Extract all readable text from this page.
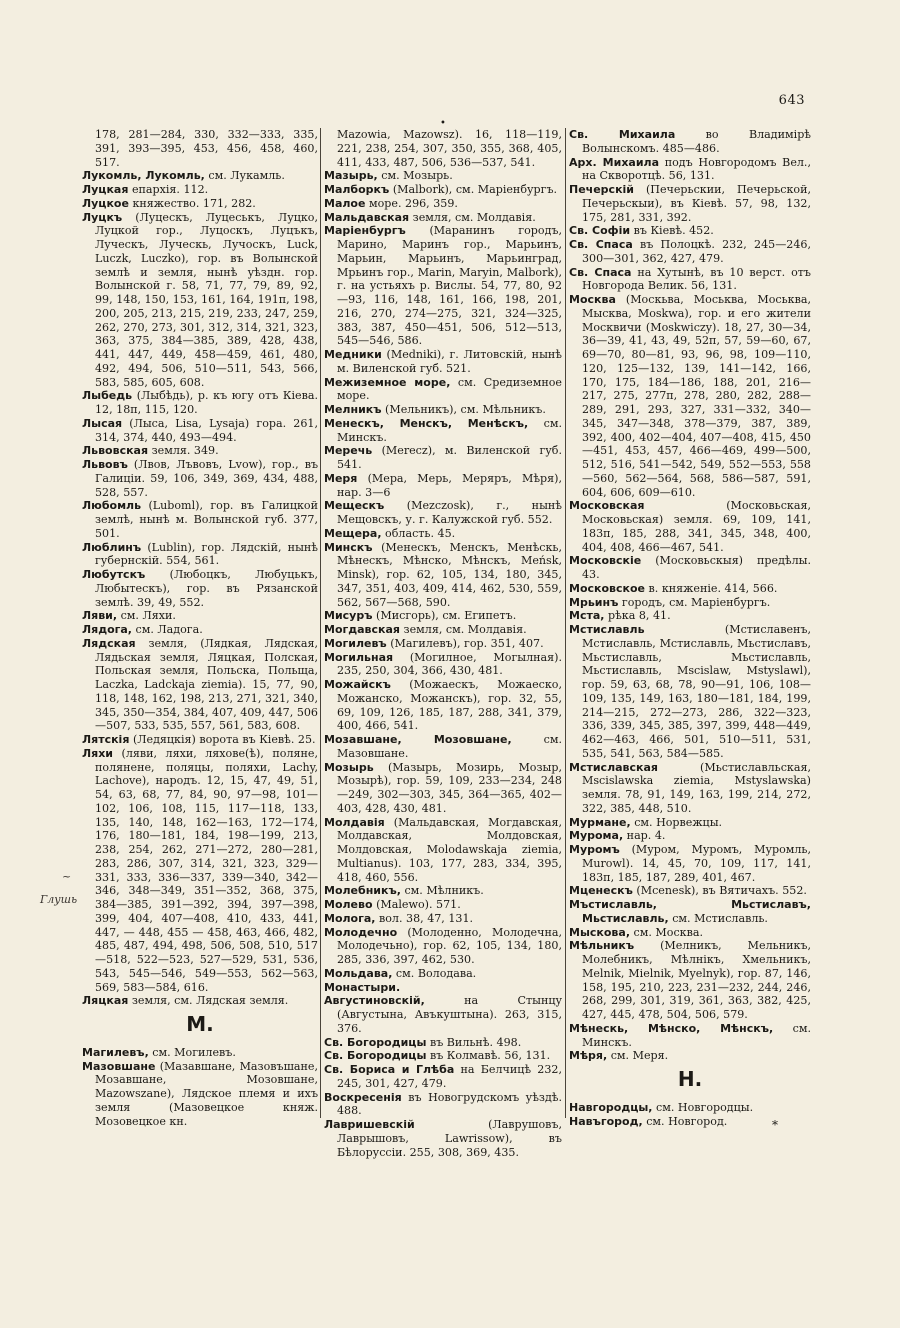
•
643

178, 281—284, 330, 332—333, 335, 391, 393—395, 453, 456, 458, 460, 517.

Лукомль, Лукомль, см. Лукамль.

Луцкая епархія. 112.

Луцкое княжество. 171, 282.

Луцкъ (Луцескъ, Луцеськъ, Луцко, Луцкой гор., Луцоскъ, Луцъкъ, Луческъ, Луческь, Лучоскъ, Luck, Luczk, Luczko), гор. въ Волынской землѣ и земля, нынѣ уѣздн. гор. Волынской г. 58, 71, 77, 79, 89, 92, 99, 148, 150, 153, 161, 164, 191п, 198, 200, 205, 213, 215, 219, 233, 247, 259, 262, 270, 273, 301, 312, 314, 321, 323, 363, 375, 384—385, 389, 428, 438, 441, 447, 449, 458—459, 461, 480, 492, 494, 506, 510—511, 543, 566, 583, 585, 605, 608.

Лыбедь (Лыбѣдь), р. къ югу отъ Кіева. 12, 18п, 115, 120.

Лысая (Лыса, Lisa, Lysaja) гора. 261, 314, 374, 440, 493—494.

Львовская земля. 349.

Львовъ (Лвов, Лъвовъ, Lvow), гор., въ Галиціи. 59, 106, 349, 369, 434, 488, 528, 557.

Любомль (Luboml), гор. въ Галицкой землѣ, нынѣ м. Волынской губ. 377, 501.

Люблинъ (Lublin), гор. Лядскій, нынѣ губернскій. 554, 561.

Любутскъ (Любоцкъ, Любуцькъ, Любытескъ), гор. въ Рязанской землѣ. 39, 49, 552.

Ляви, см. Ляхи.

Лядога, см. Ладога.

Лядская земля, (Лядкая, Лядская, Лядьская земля, Ляцкая, Полская, Польская земля, Польска, Польща, Laczka, Ladckaja ziemia). 15, 77, 90, 118, 148, 162, 198, 213, 271, 321, 340, 345, 350—354, 384, 407, 409, 447, 506—507, 533, 535, 557, 561, 583, 608.

Лятскія (Ледяцкія) ворота въ Кіевѣ. 25.

Ляхи (ляви, ляхи, ляхове(ѣ), поляне, полянене, поляцы, поляхи, Lachy, Lachove), народъ. 12, 15, 47, 49, 51, 54, 63, 68, 77, 84, 90, 97—98, 101—102, 106, 108, 115, 117—118, 133, 135, 140, 148, 162—163, 172—174, 176, 180—181, 184, 198—199, 213, 238, 254, 262, 271—272, 280—281, 283, 286, 307, 314, 321, 323, 329—331, 333, 336—337, 339—340, 342—346, 348—349, 351—352, 368, 375, 384—385, 391—392, 394, 397—398, 399, 404, 407—408, 410, 433, 441, 447, — 448, 455 — 458, 463, 466, 482, 485, 487, 494, 498, 506, 508, 510, 517—518, 522—523, 527—529, 531, 536, 543, 545—546, 549—553, 562—563, 569, 583—584, 616.

Ляцкая земля, см. Лядская земля.

М.

Магилевъ, см. Могилевъ.

Мазовшане (Мазавшане, Мазовъшане, Мозавшане, Мозовшане, Mazowszane), Лядское племя и ихъ земля (Мазовецкое княж. Мозовецкое кн.

Mazowia, Mazowsz). 16, 118—119, 221, 238, 254, 307, 350, 355, 368, 405, 411, 433, 487, 506, 536—537, 541.

Мазырь, см. Мозырь.

Малборкъ (Malbork), см. Маріенбургъ.

Малое море. 296, 359.

Мальдавская земля, см. Молдавія.

Маріенбургъ (Маранинъ городъ, Марино, Маринъ гор., Марьинъ, Марьин, Марьинъ, Марьинград, Мрьинъ гор., Marin, Maryin, Malbork), г. на устьяхъ р. Вислы. 54, 77, 80, 92—93, 116, 148, 161, 166, 198, 201, 216, 270, 274—275, 321, 324—325, 383, 387, 450—451, 506, 512—513, 545—546, 586.

Медники (Medniki), г. Литовскій, нынѣ м. Виленской губ. 521.

Межиземное море, см. Средиземное море.

Мелникъ (Мельникъ), см. Мѣльникъ.

Менескъ, Менскъ, Менѣскъ, см. Минскъ.

Меречь (Merecz), м. Виленской губ. 541.

Меря (Мера, Мерь, Меряръ, Мѣря), нар. 3—6

Мещескъ (Mezczosk), г., нынѣ Мещовскъ, у. г. Калужской губ. 552.

Мещера, область. 45.

Минскъ (Менескъ, Менскъ, Менѣскь, Мѣнескъ, Мѣнско, Мѣнскъ, Meńsk, Minsk), гор. 62, 105, 134, 180, 345, 347, 351, 403, 409, 414, 462, 530, 559, 562, 567—568, 590.

Мисуръ (Мисгорь), см. Египетъ.

Могдавская земля, см. Молдавія.

Могилевъ (Магилевъ), гор. 351, 407.

Могильная (Могилное, Могылная). 235, 250, 304, 366, 430, 481.

Можайскъ (Можаескъ, Можаеско, Можанско, Можанскъ), гор. 32, 55, 69, 109, 126, 185, 187, 288, 341, 379, 400, 466, 541.

Мозавшане, Мозовшане,	см. Мазовшане.

Мозырь (Мазырь, Мозирь, Мозыр, Мозырѣ), гор. 59, 109, 233—234, 248—249, 302—303, 345, 364—365, 402—403, 428, 430, 481.

Молдавія (Мальдавская, Могдавская, Молдавская, Молдовская, Молдовская, Molodawskaja ziemia, Multianus). 103, 177, 283, 334, 395, 418, 460, 556.

Молебникъ, см. Мѣлникъ.

Молево (Malewo). 571.

Молога, вол. 38, 47, 131.

Молодечно (Молоденно, Молодечна, Молодечьно), гор. 62, 105, 134, 180, 285, 336, 397, 462, 530.

Мольдава, см. Володава.

Монастыри.

Августиновскій,	на Стынцу (Августына, Авъкуштына). 263, 315, 376.

Св. Богородицы въ Вильнѣ. 498.

Св. Богородицы въ Колмавѣ. 56, 131.

Св. Бориса и Глѣба на Белчицѣ 232, 245, 301, 427, 479.

Воскресенія въ Новогрудскомъ уѣздѣ. 488.

Лавришевскій	(Лаврушовъ, Лаврышовъ, Lawrissow), въ Бѣлоруссіи. 255, 308, 369, 435.

Св. Михаила	во Владимірѣ Волынскомъ. 485—486.

Арх. Михаила подъ Новгородомъ Вел., на Скворотцѣ. 56, 131.

Печерскій (Печерьскии, Печерьской, Печерьскыи), въ Кіевѣ. 57, 98, 132, 175, 281, 331, 392.

Св. Софіи въ Кіевѣ. 452.

Св. Спаса въ Полоцкѣ. 232, 245—246, 300—301, 362, 427, 479.

Св. Спаса на Хутынѣ, въ 10 верст. отъ Новгорода Велик. 56, 131.

Москва (Москьва, Моськва, Моськва, Мысква, Moskwa), гор. и его жители Москвичи (Moskwiczy). 18, 27, 30—34, 36—39, 41, 43, 49, 52п, 57, 59—60, 67, 69—70, 80—81, 93, 96, 98, 109—110, 120, 125—132, 139, 141—142, 166, 170, 175, 184—186, 188, 201, 216—217, 275, 277п, 278, 280, 282, 288—289, 291, 293, 327, 331—332, 340—345, 347—348, 378—379, 387, 389, 392, 400, 402—404, 407—408, 415, 450—451, 453, 457, 466—469, 499—500, 512, 516, 541—542, 549, 552—553, 558—560, 562—564, 568, 586—587, 591, 604, 606, 609—610.

Московская	(Московьская, Московьская) земля. 69, 109, 141, 183п, 185, 288, 341, 345, 348, 400, 404, 408, 466—467, 541.

Московскіе (Московьскыя) предѣлы. 43.

Московское в. княженіе. 414, 566.

Мрьинъ городъ, см. Маріенбургъ.

Мста, рѣка 8, 41.

Мстиславль	(Мстиславенъ, Мстиславль, Мстиславль, Мьстиславъ, Мьстиславль, Мьстиславль, Мьстиславль, Mscislaw, Mstyslawl), гор. 59, 63, 68, 78, 90—91, 106, 108—109, 135, 149, 163, 180—181, 184, 199, 214—215, 272—273, 286, 322—323, 336, 339, 345, 385, 397, 399, 448—449, 462—463, 466, 501, 510—511, 531, 535, 541, 563, 584—585.

Мстиславская	(Мьстиславльская, Mscislawska ziemia, Mstyslawska) земля. 78, 91, 149, 163, 199, 214, 272, 322, 385, 448, 510.

Мурмане, см. Норвежцы.

Мурома, нар. 4.

Муромъ (Муром, Муромъ, Муромль, Murowl). 14, 45, 70, 109, 117, 141, 183п, 185, 187, 289, 401, 467.

Мценескъ (Mcenesk), въ Вятичахъ. 552.

Мъстиславль, Мьстиславъ, Мьстиславль, см. Мстиславль.

Мыскова, см. Москва.

Мѣльникъ (Мелникъ, Мельникъ, Молебникъ, Мѣлнікъ, Хмельникъ, Melnik, Mielnik, Myelnyk), гор. 87, 146, 158, 195, 210, 223, 231—232, 244, 246, 268, 299, 301, 319, 361, 363, 382, 425, 427, 445, 478, 504, 506, 579.

Мѣнескь, Мѣнско, Мѣнскъ, см. Минскъ.

Мѣря, см. Меря.

Н.

Навгородцы, см. Новгородцы.

Навъгород, см. Новгород.

~
Глушь
*
